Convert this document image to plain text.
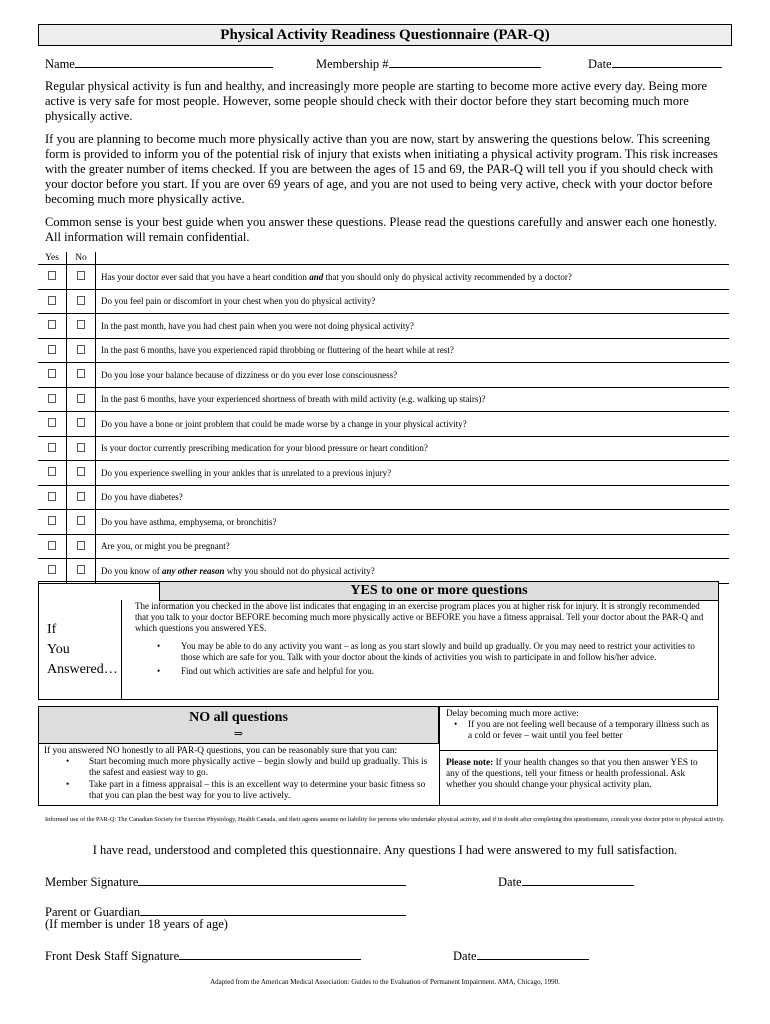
Physical Activity Readiness Questionnaire (PAR-Q)
Name	Membership #	Date

Regular physical activity is fun and healthy, and increasingly more people are starting to become more active every day. Being more active is very safe for most people. However, some people should check with their doctor before they start becoming much more physically active.

If you are planning to become much more physically active than you are now, start by answering the questions below. This screening form is provided to inform you of the potential risk of injury that exists when initiating a physical activity program. This risk increases with the greater number of items checked. If you are between the ages of 15 and 69, the PAR-Q will tell you if you should check with your doctor before you start. If you are over 69 years of age, and you are not used to being very active, check with your doctor before becoming much more physically active.

Common sense is your best guide when you answer these questions. Please read the questions carefully and answer each one honestly. All information will remain confidential.

Yes	No	
		Has your doctor ever said that you have a heart condition and that you should only do physical activity recommended by a doctor?
		Do you feel pain or discomfort in your chest when you do physical activity?
		In the past month, have you had chest pain when you were not doing physical activity?
		In the past 6 months, have you experienced rapid throbbing or fluttering of the heart while at rest?
		Do you lose your balance because of dizziness or do you ever lose consciousness?
		In the past 6 months, have your experienced shortness of breath with mild activity (e.g. walking up stairs)?
		Do you have a bone or joint problem that could be made worse by a change in your physical activity?
		Is your doctor currently prescribing medication for your blood pressure or heart condition?
		Do you experience swelling in your ankles that is unrelated to a previous injury?
		Do you have diabetes?
		Do you have asthma, emphysema, or bronchitis?
		Are you, or might you be pregnant?
		Do you know of any other reason why you should not do physical activity?
YES to one or more questions
If
You
Answered…
The information you checked in the above list indicates that engaging in an exercise program places you at higher risk for injury. It is strongly recommended that you talk to your doctor BEFORE becoming much more physically active or BEFORE you have a fitness appraisal. Tell your doctor about the PAR-Q and which questions you answered YES.
• You may be able to do any activity you want – as long as you start slowly and build up gradually. Or you may need to restrict your activities to those which are safe for you. Talk with your doctor about the kinds of activities you wish to participate in and follow his/her advice.
• Find out which activities are safe and helpful for you.
NO all questions
⇒
If you answered NO honestly to all PAR-Q questions, you can be reasonably sure that you can:
• Start becoming much more physically active – begin slowly and build up gradually. This is the safest and easiest way to go.
• Take part in a fitness appraisal – this is an excellent way to determine your basic fitness so that you can plan the best way for you to live actively.
Delay becoming much more active:
• If you are not feeling well because of a temporary illness such as a cold or fever – wait until you feel better
Please note: If your health changes so that you then answer YES to any of the questions, tell your fitness or health professional. Ask whether you should change your physical activity plan.
Informed use of the PAR-Q: The Canadian Society for Exercise Physiology, Health Canada, and their agents assume no liability for persons who undertake physical activity, and if in doubt after completing this questionnaire, consult your doctor prior to physical activity.
I have read, understood and completed this questionnaire. Any questions I had were answered to my full satisfaction.
Member Signature	Date
Parent or Guardian
(If member is under 18 years of age)
Front Desk Staff Signature	Date
Adapted from the American Medical Association: Guides to the Evaluation of Permanent Impairment. AMA, Chicago, 1990.
